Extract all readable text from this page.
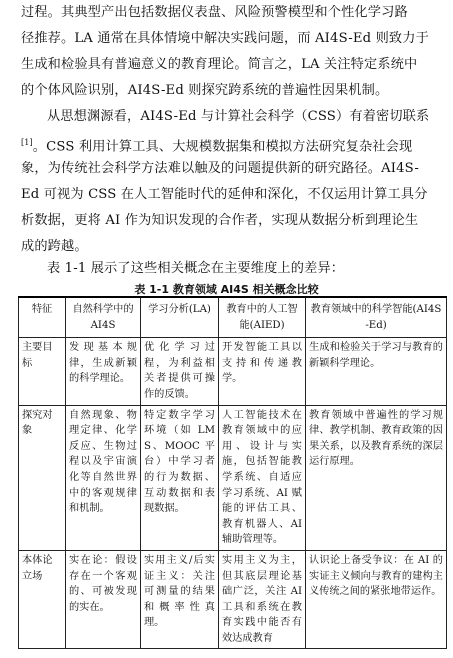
过程。其典型产出包括数据仪表盘、风险预警模型和个性化学习路
径推荐。LA 通常在具体情境中解决实践问题，而 AI4S-Ed 则致力于
生成和检验具有普遍意义的教育理论。简言之，LA 关注特定系统中
的个体风险识别，AI4S-Ed 则探究跨系统的普遍性因果机制。
从思想渊源看，AI4S-Ed 与计算社会科学（CSS）有着密切联系
[1]。CSS 利用计算工具、大规模数据集和模拟方法研究复杂社会现
象，为传统社会科学方法难以触及的问题提供新的研究路径。AI4S-
Ed 可视为 CSS 在人工智能时代的延伸和深化，不仅运用计算工具分
析数据，更将 AI 作为知识发现的合作者，实现从数据分析到理论生
成的跨越。
表 1-1 展示了这些相关概念在主要维度上的差异：
表 1-1 教育领域 AI4S 相关概念比较
特征	自然科学中的 AI4S	学习分析(LA)	教育中的人工智能(AIED)	教育领域中的科学智能(AI4S-Ed)
主要目标	发现基本规律，生成新颖的科学理论。	优化学习过程，为利益相关者提供可操作的反馈。	开发智能工具以支持和传递教学。	生成和检验关于学习与教育的新颖科学理论。
探究对象	自然现象、物理定律、化学反应、生物过程以及宇宙演化等自然世界中的客观规律和机制。	特定数字学习环境（如 LMS、MOOC 平台）中学习者的行为数据、互动数据和表现数据。	人工智能技术在教育领域中的应用、设计与实施，包括智能教学系统、自适应学习系统、AI 赋能的评估工具、教育机器人、AI 辅助管理等。	教育领域中普遍性的学习规律、教学机制、教育政策的因果关系，以及教育系统的深层运行原理。
本体论立场	实在论：假设存在一个客观的、可被发现的实在。	实用主义/后实证主义：关注可测量的结果和概率性真理。	实用主义为主，但其底层理论基础广泛，关注 AI 工具和系统在教育实践中能否有效达成教育	认识论上备受争议：在 AI 的实证主义倾向与教育的建构主义传统之间的紧张地带运作。
